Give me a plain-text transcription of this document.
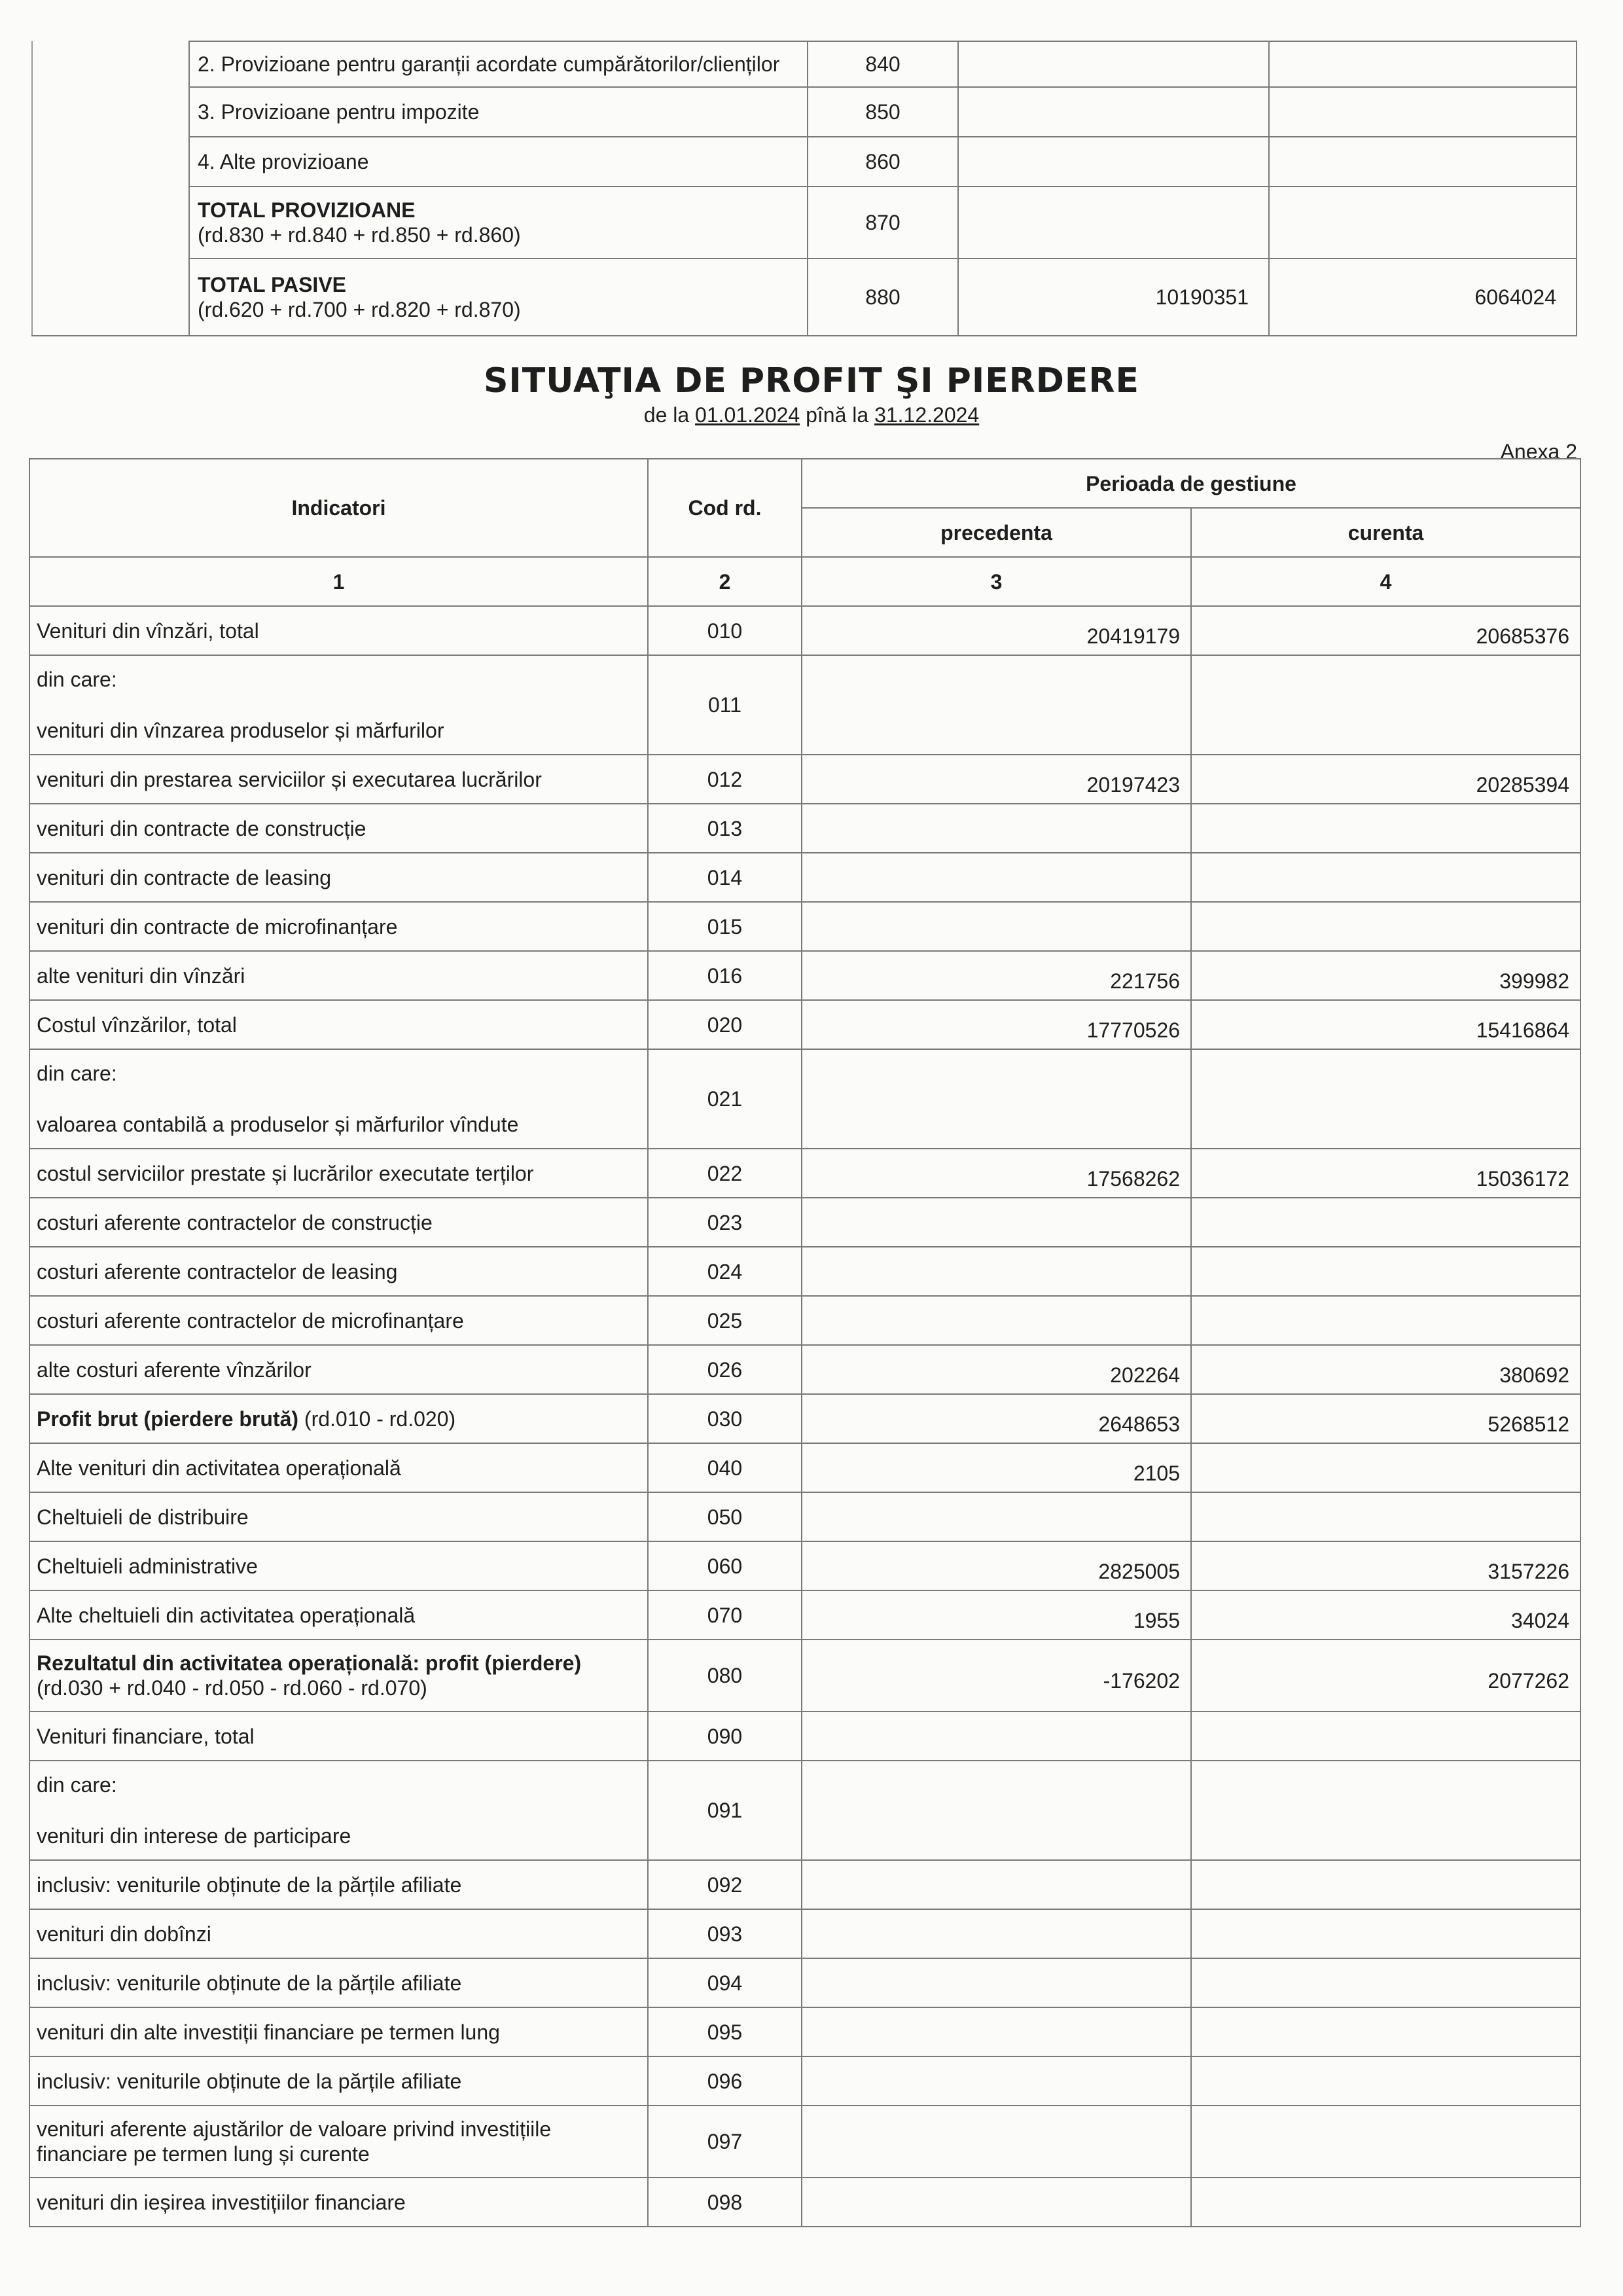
	2. Provizioane pentru garanții acordate cumpărătorilor/clienților	840		
	3. Provizioane pentru impozite	850		
	4. Alte provizioane	860		

	TOTAL PROVIZIOANE
(rd.830 + rd.840 + rd.850 + rd.860)	870		

	TOTAL PASIVE
(rd.620 + rd.700 + rd.820 + rd.870)	880	10190351	6064024
SITUAŢIA DE PROFIT ŞI PIERDERE
de la 01.01.2024 pînă la 31.12.2024
Anexa 2
Indicatori	Cod rd.	Perioada de gestiune	
		precedenta	curenta
1	2	3	4
Venituri din vînzări, total	010	20419179	20685376

din care:
venituri din vînzarea produselor și mărfurilor	011		
venituri din prestarea serviciilor și executarea lucrărilor	012	20197423	20285394
venituri din contracte de construcție	013		
venituri din contracte de leasing	014		
venituri din contracte de microfinanțare	015		
alte venituri din vînzări	016	221756	399982
Costul vînzărilor, total	020	17770526	15416864

din care:
valoarea contabilă a produselor și mărfurilor vîndute	021		
costul serviciilor prestate și lucrărilor executate terților	022	17568262	15036172
costuri aferente contractelor de construcție	023		
costuri aferente contractelor de leasing	024		
costuri aferente contractelor de microfinanțare	025		
alte costuri aferente vînzărilor	026	202264	380692
Profit brut (pierdere brută) (rd.010 - rd.020)	030	2648653	5268512
Alte venituri din activitatea operațională	040	2105	
Cheltuieli de distribuire	050		
Cheltuieli administrative	060	2825005	3157226
Alte cheltuieli din activitatea operațională	070	1955	34024

Rezultatul din activitatea operațională: profit (pierdere)
(rd.030 + rd.040 - rd.050 - rd.060 - rd.070)	080	-176202	2077262
Venituri financiare, total	090		

din care:
venituri din interese de participare	091		
inclusiv: veniturile obținute de la părțile afiliate	092		
venituri din dobînzi	093		
inclusiv: veniturile obținute de la părțile afiliate	094		
venituri din alte investiții financiare pe termen lung	095		
inclusiv: veniturile obținute de la părțile afiliate	096		

venituri aferente ajustărilor de valoare privind investițiile
financiare pe termen lung și curente	097		
venituri din ieșirea investițiilor financiare	098		
